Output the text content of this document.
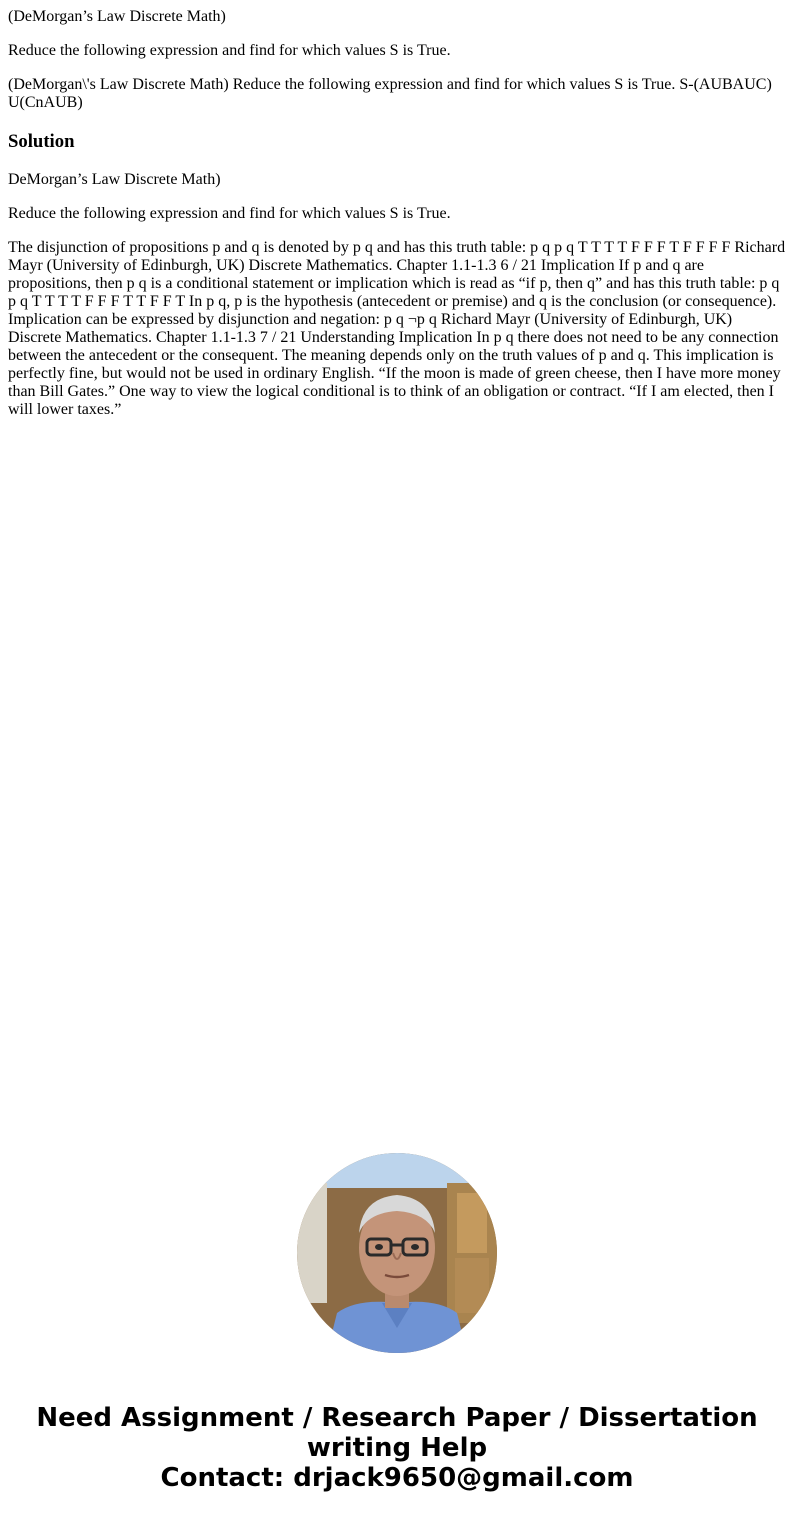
(DeMorgan’s Law Discrete Math)

Reduce the following expression and find for which values S is True.

(DeMorgan\'s Law Discrete Math) Reduce the following expression and find for which values S is True. S-(AUBAUC) U(CnAUB)

Solution

DeMorgan’s Law Discrete Math)

Reduce the following expression and find for which values S is True.

The disjunction of propositions p and q is denoted by p q and has this truth table: p q p q T T T T F F F T F F F F Richard Mayr (University of Edinburgh, UK) Discrete Mathematics. Chapter 1.1-1.3 6 / 21 Implication If p and q are propositions, then p q is a conditional statement or implication which is read as “if p, then q” and has this truth table: p q p q T T T T F F F T T F F T In p q, p is the hypothesis (antecedent or premise) and q is the conclusion (or consequence). Implication can be expressed by disjunction and negation: p q ¬p q Richard Mayr (University of Edinburgh, UK) Discrete Mathematics. Chapter 1.1-1.3 7 / 21 Understanding Implication In p q there does not need to be any connection between the antecedent or the consequent. The meaning depends only on the truth values of p and q. This implication is perfectly fine, but would not be used in ordinary English. “If the moon is made of green cheese, then I have more money than Bill Gates.” One way to view the logical conditional is to think of an obligation or contract. “If I am elected, then I will lower taxes.”

Need Assignment / Research Paper / Dissertation
writing Help
Contact: drjack9650@gmail.com
